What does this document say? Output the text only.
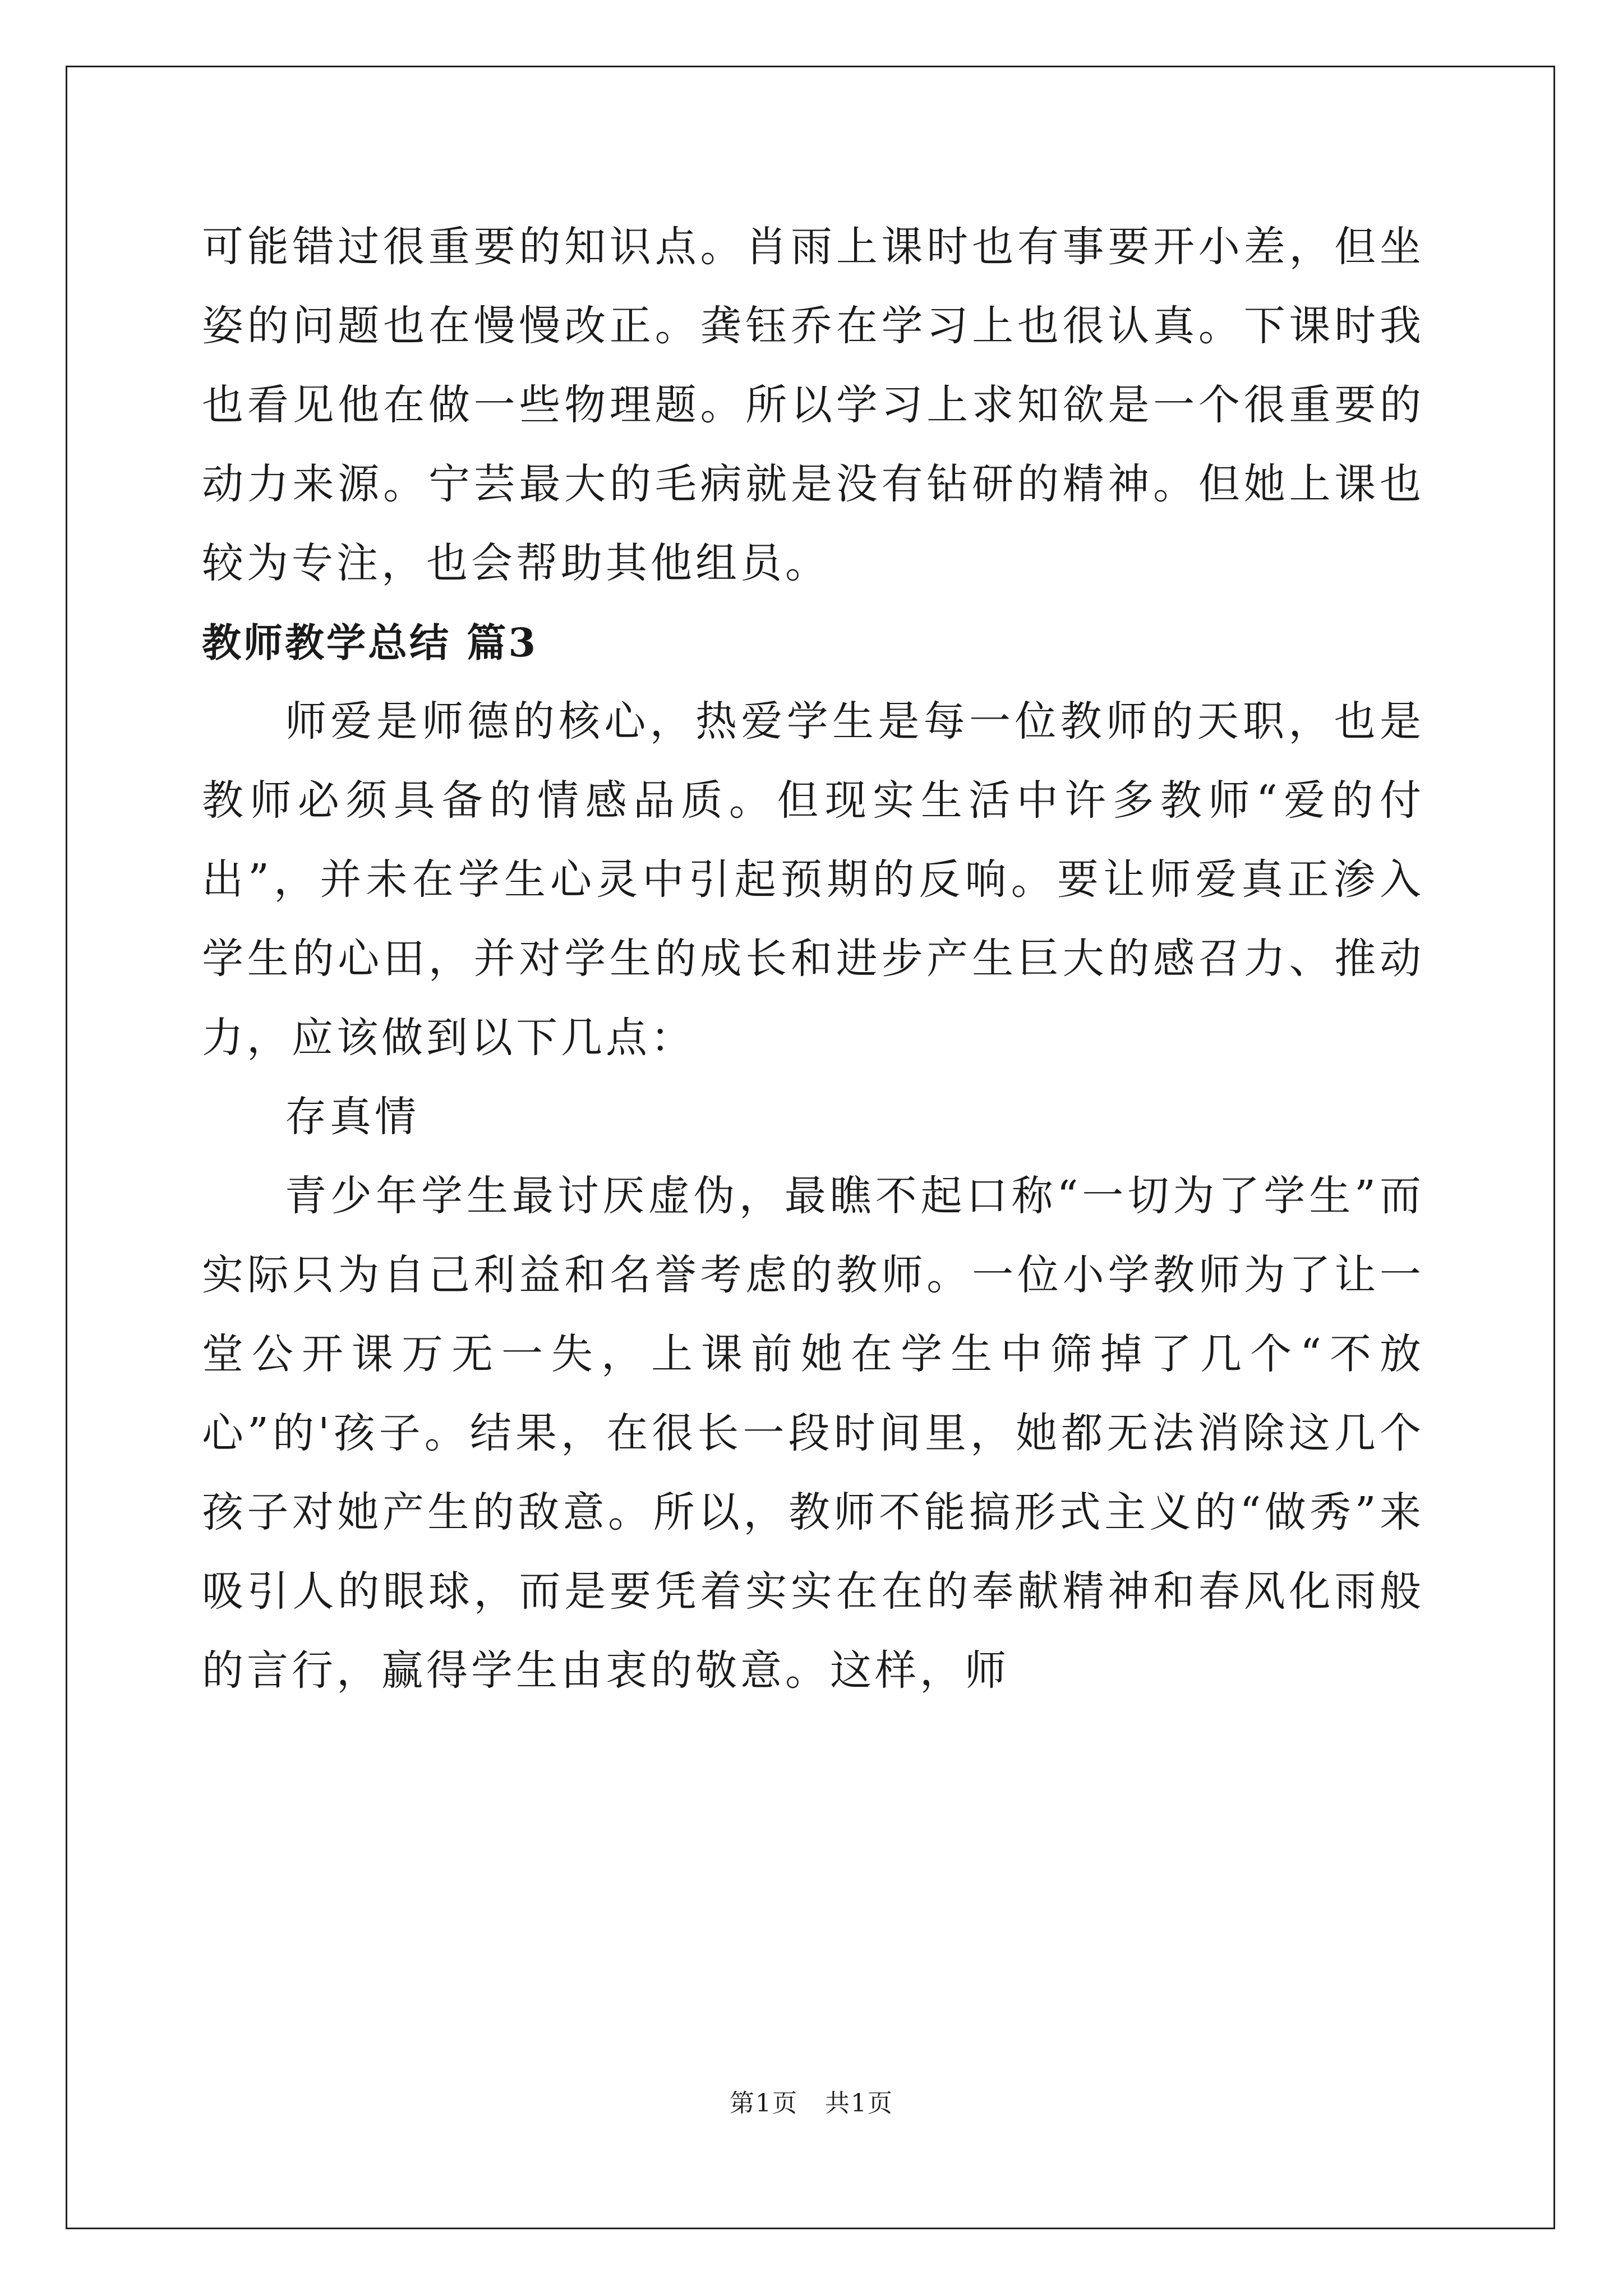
可能错过很重要的知识点。肖雨上课时也有事要开小差，但坐姿的问题也在慢慢改正。龚钰乔在学习上也很认真。下课时我也看见他在做一些物理题。所以学习上求知欲是一个很重要的动力来源。宁芸最大的毛病就是没有钻研的精神。但她上课也较为专注，也会帮助其他组员。

教师教学总结 篇3

师爱是师德的核心，热爱学生是每一位教师的天职，也是教师必须具备的情感品质。但现实生活中许多教师“爱的付出”，并未在学生心灵中引起预期的反响。要让师爱真正渗入学生的心田，并对学生的成长和进步产生巨大的感召力、推动力，应该做到以下几点：

存真情

青少年学生最讨厌虚伪，最瞧不起口称“一切为了学生”而实际只为自己利益和名誉考虑的教师。一位小学教师为了让一堂公开课万无一失，上课前她在学生中筛掉了几个“不放心”的'孩子。结果，在很长一段时间里，她都无法消除这几个孩子对她产生的敌意。所以，教师不能搞形式主义的“做秀”来吸引人的眼球，而是要凭着实实在在的奉献精神和春风化雨般的言行，赢得学生由衷的敬意。这样，师

第1页 共1页
